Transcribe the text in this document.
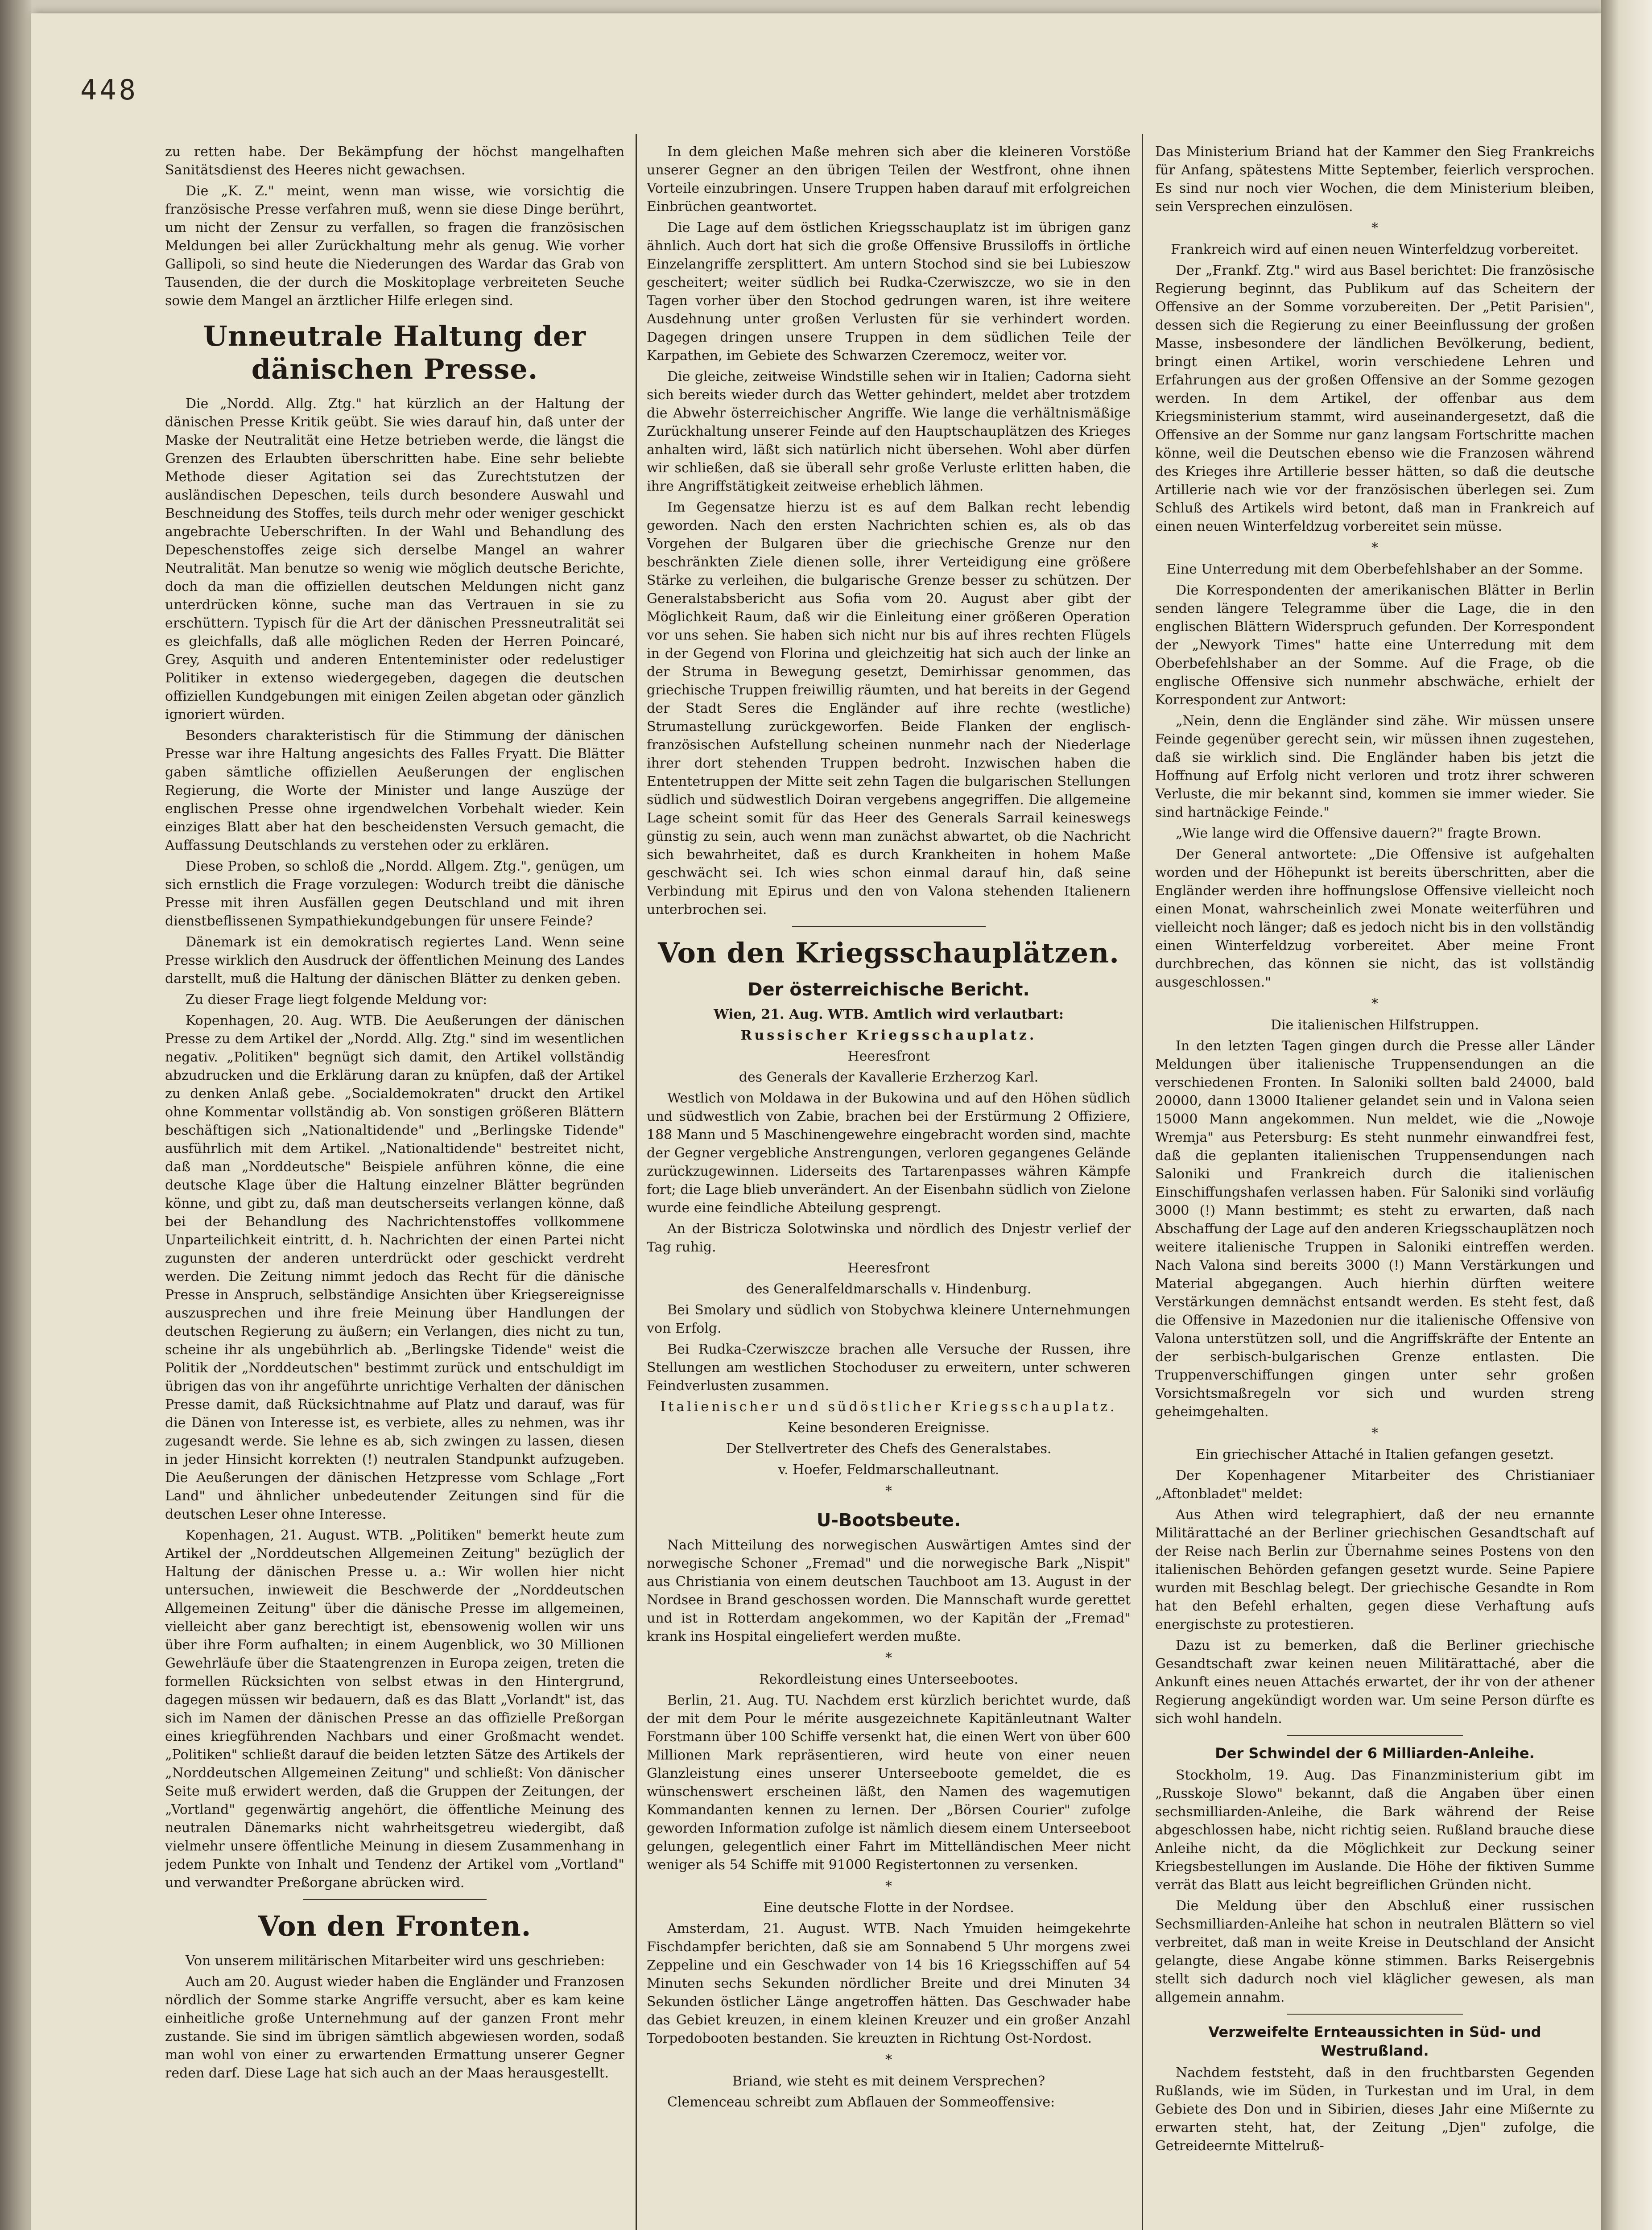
448

zu retten habe. Der Bekämpfung der höchst mangelhaften Sanitätsdienst des Heeres nicht gewachsen.

Die „K. Z." meint, wenn man wisse, wie vorsichtig die französische Presse verfahren muß, wenn sie diese Dinge berührt, um nicht der Zensur zu verfallen, so fragen die französischen Meldungen bei aller Zurückhaltung mehr als genug. Wie vorher Gallipoli, so sind heute die Niederungen des Wardar das Grab von Tausenden, die der durch die Moskitoplage verbreiteten Seuche sowie dem Mangel an ärztlicher Hilfe erlegen sind.

Unneutrale Haltung der dänischen Presse.

Die „Nordd. Allg. Ztg." hat kürzlich an der Haltung der dänischen Presse Kritik geübt. Sie wies darauf hin, daß unter der Maske der Neutralität eine Hetze betrieben werde, die längst die Grenzen des Erlaubten überschritten habe. Eine sehr beliebte Methode dieser Agitation sei das Zurechtstutzen der ausländischen Depeschen, teils durch besondere Auswahl und Beschneidung des Stoffes, teils durch mehr oder weniger geschickt angebrachte Ueberschriften. In der Wahl und Behandlung des Depeschenstoffes zeige sich derselbe Mangel an wahrer Neutralität. Man benutze so wenig wie möglich deutsche Berichte, doch da man die offiziellen deutschen Meldungen nicht ganz unterdrücken könne, suche man das Vertrauen in sie zu erschüttern. Typisch für die Art der dänischen Pressneutralität sei es gleichfalls, daß alle möglichen Reden der Herren Poincaré, Grey, Asquith und anderen Ententeminister oder redelustiger Politiker in extenso wiedergegeben, dagegen die deutschen offiziellen Kundgebungen mit einigen Zeilen abgetan oder gänzlich ignoriert würden.

Besonders charakteristisch für die Stimmung der dänischen Presse war ihre Haltung angesichts des Falles Fryatt. Die Blätter gaben sämtliche offiziellen Aeußerungen der englischen Regierung, die Worte der Minister und lange Auszüge der englischen Presse ohne irgendwelchen Vorbehalt wieder. Kein einziges Blatt aber hat den bescheidensten Versuch gemacht, die Auffassung Deutschlands zu verstehen oder zu erklären.

Diese Proben, so schloß die „Nordd. Allgem. Ztg.", genügen, um sich ernstlich die Frage vorzulegen: Wodurch treibt die dänische Presse mit ihren Ausfällen gegen Deutschland und mit ihren dienstbeflissenen Sympathiekundgebungen für unsere Feinde?

Dänemark ist ein demokratisch regiertes Land. Wenn seine Presse wirklich den Ausdruck der öffentlichen Meinung des Landes darstellt, muß die Haltung der dänischen Blätter zu denken geben.

Zu dieser Frage liegt folgende Meldung vor:

Kopenhagen, 20. Aug. WTB. Die Aeußerungen der dänischen Presse zu dem Artikel der „Nordd. Allg. Ztg." sind im wesentlichen negativ. „Politiken" begnügt sich damit, den Artikel vollständig abzudrucken und die Erklärung daran zu knüpfen, daß der Artikel zu denken Anlaß gebe. „Socialdemokraten" druckt den Artikel ohne Kommentar vollständig ab. Von sonstigen größeren Blättern beschäftigen sich „Nationaltidende" und „Berlingske Tidende" ausführlich mit dem Artikel. „Nationaltidende" bestreitet nicht, daß man „Norddeutsche" Beispiele anführen könne, die eine deutsche Klage über die Haltung einzelner Blätter begründen könne, und gibt zu, daß man deutscherseits verlangen könne, daß bei der Behandlung des Nachrichtenstoffes vollkommene Unparteilichkeit eintritt, d. h. Nachrichten der einen Partei nicht zugunsten der anderen unterdrückt oder geschickt verdreht werden. Die Zeitung nimmt jedoch das Recht für die dänische Presse in Anspruch, selbständige Ansichten über Kriegsereignisse auszusprechen und ihre freie Meinung über Handlungen der deutschen Regierung zu äußern; ein Verlangen, dies nicht zu tun, scheine ihr als ungebührlich ab. „Berlingske Tidende" weist die Politik der „Norddeutschen" bestimmt zurück und entschuldigt im übrigen das von ihr angeführte unrichtige Verhalten der dänischen Presse damit, daß Rücksichtnahme auf Platz und darauf, was für die Dänen von Interesse ist, es verbiete, alles zu nehmen, was ihr zugesandt werde. Sie lehne es ab, sich zwingen zu lassen, diesen in jeder Hinsicht korrekten (!) neutralen Standpunkt aufzugeben. Die Aeußerungen der dänischen Hetzpresse vom Schlage „Fort Land" und ähnlicher unbedeutender Zeitungen sind für die deutschen Leser ohne Interesse.

Kopenhagen, 21. August. WTB. „Politiken" bemerkt heute zum Artikel der „Norddeutschen Allgemeinen Zeitung" bezüglich der Haltung der dänischen Presse u. a.: Wir wollen hier nicht untersuchen, inwieweit die Beschwerde der „Norddeutschen Allgemeinen Zeitung" über die dänische Presse im allgemeinen, vielleicht aber ganz berechtigt ist, ebensowenig wollen wir uns über ihre Form aufhalten; in einem Augenblick, wo 30 Millionen Gewehrläufe über die Staatengrenzen in Europa zeigen, treten die formellen Rücksichten von selbst etwas in den Hintergrund, dagegen müssen wir bedauern, daß es das Blatt „Vorlandt" ist, das sich im Namen der dänischen Presse an das offizielle Preßorgan eines kriegführenden Nachbars und einer Großmacht wendet. „Politiken" schließt darauf die beiden letzten Sätze des Artikels der „Norddeutschen Allgemeinen Zeitung" und schließt: Von dänischer Seite muß erwidert werden, daß die Gruppen der Zeitungen, der „Vortland" gegenwärtig angehört, die öffentliche Meinung des neutralen Dänemarks nicht wahrheitsgetreu wiedergibt, daß vielmehr unsere öffentliche Meinung in diesem Zusammenhang in jedem Punkte von Inhalt und Tendenz der Artikel vom „Vortland" und verwandter Preßorgane abrücken wird.

Von den Fronten.

Von unserem militärischen Mitarbeiter wird uns geschrieben:

Auch am 20. August wieder haben die Engländer und Franzosen nördlich der Somme starke Angriffe versucht, aber es kam keine einheitliche große Unternehmung auf der ganzen Front mehr zustande. Sie sind im übrigen sämtlich abgewiesen worden, sodaß man wohl von einer zu erwartenden Ermattung unserer Gegner reden darf. Diese Lage hat sich auch an der Maas herausgestellt.

In dem gleichen Maße mehren sich aber die kleineren Vorstöße unserer Gegner an den übrigen Teilen der Westfront, ohne ihnen Vorteile einzubringen. Unsere Truppen haben darauf mit erfolgreichen Einbrüchen geantwortet.

Die Lage auf dem östlichen Kriegsschauplatz ist im übrigen ganz ähnlich. Auch dort hat sich die große Offensive Brussiloffs in örtliche Einzelangriffe zersplittert. Am untern Stochod sind sie bei Lubieszow gescheitert; weiter südlich bei Rudka-Czerwiszcze, wo sie in den Tagen vorher über den Stochod gedrungen waren, ist ihre weitere Ausdehnung unter großen Verlusten für sie verhindert worden. Dagegen dringen unsere Truppen in dem südlichen Teile der Karpathen, im Gebiete des Schwarzen Czeremocz, weiter vor.

Die gleiche, zeitweise Windstille sehen wir in Italien; Cadorna sieht sich bereits wieder durch das Wetter gehindert, meldet aber trotzdem die Abwehr österreichischer Angriffe. Wie lange die verhältnismäßige Zurückhaltung unserer Feinde auf den Hauptschauplätzen des Krieges anhalten wird, läßt sich natürlich nicht übersehen. Wohl aber dürfen wir schließen, daß sie überall sehr große Verluste erlitten haben, die ihre Angriffstätigkeit zeitweise erheblich lähmen.

Im Gegensatze hierzu ist es auf dem Balkan recht lebendig geworden. Nach den ersten Nachrichten schien es, als ob das Vorgehen der Bulgaren über die griechische Grenze nur den beschränkten Ziele dienen solle, ihrer Verteidigung eine größere Stärke zu verleihen, die bulgarische Grenze besser zu schützen. Der Generalstabsbericht aus Sofia vom 20. August aber gibt der Möglichkeit Raum, daß wir die Einleitung einer größeren Operation vor uns sehen. Sie haben sich nicht nur bis auf ihres rechten Flügels in der Gegend von Florina und gleichzeitig hat sich auch der linke an der Struma in Bewegung gesetzt, Demirhissar genommen, das griechische Truppen freiwillig räumten, und hat bereits in der Gegend der Stadt Seres die Engländer auf ihre rechte (westliche) Strumastellung zurückgeworfen. Beide Flanken der englisch-französischen Aufstellung scheinen nunmehr nach der Niederlage ihrer dort stehenden Truppen bedroht. Inzwischen haben die Ententetruppen der Mitte seit zehn Tagen die bulgarischen Stellungen südlich und südwestlich Doiran vergebens angegriffen. Die allgemeine Lage scheint somit für das Heer des Generals Sarrail keineswegs günstig zu sein, auch wenn man zunächst abwartet, ob die Nachricht sich bewahrheitet, daß es durch Krankheiten in hohem Maße geschwächt sei. Ich wies schon einmal darauf hin, daß seine Verbindung mit Epirus und den von Valona stehenden Italienern unterbrochen sei.

Von den Kriegsschauplätzen.
Der österreichische Bericht.

Wien, 21. Aug. WTB. Amtlich wird verlautbart:

Russischer Kriegsschauplatz.

Heeresfront

des Generals der Kavallerie Erzherzog Karl.

Westlich von Moldawa in der Bukowina und auf den Höhen südlich und südwestlich von Zabie, brachen bei der Erstürmung 2 Offiziere, 188 Mann und 5 Maschinengewehre eingebracht worden sind, machte der Gegner vergebliche Anstrengungen, verloren gegangenes Gelände zurückzugewinnen. Liderseits des Tartarenpasses währen Kämpfe fort; die Lage blieb unverändert. An der Eisenbahn südlich von Zielone wurde eine feindliche Abteilung gesprengt.

An der Bistricza Solotwinska und nördlich des Dnjestr verlief der Tag ruhig.

Heeresfront

des Generalfeldmarschalls v. Hindenburg.

Bei Smolary und südlich von Stobychwa kleinere Unternehmungen von Erfolg.

Bei Rudka-Czerwiszcze brachen alle Versuche der Russen, ihre Stellungen am westlichen Stochoduser zu erweitern, unter schweren Feindverlusten zusammen.

Italienischer und südöstlicher Kriegsschauplatz.

Keine besonderen Ereignisse.

Der Stellvertreter des Chefs des Generalstabes.

v. Hoefer, Feldmarschalleutnant.

*
U-Bootsbeute.

Nach Mitteilung des norwegischen Auswärtigen Amtes sind der norwegische Schoner „Fremad" und die norwegische Bark „Nispit" aus Christiania von einem deutschen Tauchboot am 13. August in der Nordsee in Brand geschossen worden. Die Mannschaft wurde gerettet und ist in Rotterdam angekommen, wo der Kapitän der „Fremad" krank ins Hospital eingeliefert werden mußte.

*

Rekordleistung eines Unterseebootes.

Berlin, 21. Aug. TU. Nachdem erst kürzlich berichtet wurde, daß der mit dem Pour le mérite ausgezeichnete Kapitänleutnant Walter Forstmann über 100 Schiffe versenkt hat, die einen Wert von über 600 Millionen Mark repräsentieren, wird heute von einer neuen Glanzleistung eines unserer Unterseeboote gemeldet, die es wünschenswert erscheinen läßt, den Namen des wagemutigen Kommandanten kennen zu lernen. Der „Börsen Courier" zufolge geworden Information zufolge ist nämlich diesem einem Unterseeboot gelungen, gelegentlich einer Fahrt im Mittelländischen Meer nicht weniger als 54 Schiffe mit 91000 Registertonnen zu versenken.

*

Eine deutsche Flotte in der Nordsee.

Amsterdam, 21. August. WTB. Nach Ymuiden heimgekehrte Fischdampfer berichten, daß sie am Sonnabend 5 Uhr morgens zwei Zeppeline und ein Geschwader von 14 bis 16 Kriegsschiffen auf 54 Minuten sechs Sekunden nördlicher Breite und drei Minuten 34 Sekunden östlicher Länge angetroffen hätten. Das Geschwader habe das Gebiet kreuzen, in einem kleinen Kreuzer und ein großer Anzahl Torpedobooten bestanden. Sie kreuzten in Richtung Ost-Nordost.

*

Briand, wie steht es mit deinem Versprechen?

Clemenceau schreibt zum Abflauen der Sommeoffensive:

Das Ministerium Briand hat der Kammer den Sieg Frankreichs für Anfang, spätestens Mitte September, feierlich versprochen. Es sind nur noch vier Wochen, die dem Ministerium bleiben, sein Versprechen einzulösen.

*

Frankreich wird auf einen neuen Winterfeldzug vorbereitet.

Der „Frankf. Ztg." wird aus Basel berichtet: Die französische Regierung beginnt, das Publikum auf das Scheitern der Offensive an der Somme vorzubereiten. Der „Petit Parisien", dessen sich die Regierung zu einer Beeinflussung der großen Masse, insbesondere der ländlichen Bevölkerung, bedient, bringt einen Artikel, worin verschiedene Lehren und Erfahrungen aus der großen Offensive an der Somme gezogen werden. In dem Artikel, der offenbar aus dem Kriegsministerium stammt, wird auseinandergesetzt, daß die Offensive an der Somme nur ganz langsam Fortschritte machen könne, weil die Deutschen ebenso wie die Franzosen während des Krieges ihre Artillerie besser hätten, so daß die deutsche Artillerie nach wie vor der französischen überlegen sei. Zum Schluß des Artikels wird betont, daß man in Frankreich auf einen neuen Winterfeldzug vorbereitet sein müsse.

*

Eine Unterredung mit dem Oberbefehlshaber an der Somme.

Die Korrespondenten der amerikanischen Blätter in Berlin senden längere Telegramme über die Lage, die in den englischen Blättern Widerspruch gefunden. Der Korrespondent der „Newyork Times" hatte eine Unterredung mit dem Oberbefehlshaber an der Somme. Auf die Frage, ob die englische Offensive sich nunmehr abschwäche, erhielt der Korrespondent zur Antwort:

„Nein, denn die Engländer sind zähe. Wir müssen unsere Feinde gegenüber gerecht sein, wir müssen ihnen zugestehen, daß sie wirklich sind. Die Engländer haben bis jetzt die Hoffnung auf Erfolg nicht verloren und trotz ihrer schweren Verluste, die mir bekannt sind, kommen sie immer wieder. Sie sind hartnäckige Feinde."

„Wie lange wird die Offensive dauern?" fragte Brown.

Der General antwortete: „Die Offensive ist aufgehalten worden und der Höhepunkt ist bereits überschritten, aber die Engländer werden ihre hoffnungslose Offensive vielleicht noch einen Monat, wahrscheinlich zwei Monate weiterführen und vielleicht noch länger; daß es jedoch nicht bis in den vollständig einen Winterfeldzug vorbereitet. Aber meine Front durchbrechen, das können sie nicht, das ist vollständig ausgeschlossen."

*

Die italienischen Hilfstruppen.

In den letzten Tagen gingen durch die Presse aller Länder Meldungen über italienische Truppensendungen an die verschiedenen Fronten. In Saloniki sollten bald 24000, bald 20000, dann 13000 Italiener gelandet sein und in Valona seien 15000 Mann angekommen. Nun meldet, wie die „Nowoje Wremja" aus Petersburg: Es steht nunmehr einwandfrei fest, daß die geplanten italienischen Truppensendungen nach Saloniki und Frankreich durch die italienischen Einschiffungshafen verlassen haben. Für Saloniki sind vorläufig 3000 (!) Mann bestimmt; es steht zu erwarten, daß nach Abschaffung der Lage auf den anderen Kriegsschauplätzen noch weitere italienische Truppen in Saloniki eintreffen werden. Nach Valona sind bereits 3000 (!) Mann Verstärkungen und Material abgegangen. Auch hierhin dürften weitere Verstärkungen demnächst entsandt werden. Es steht fest, daß die Offensive in Mazedonien nur die italienische Offensive von Valona unterstützen soll, und die Angriffskräfte der Entente an der serbisch-bulgarischen Grenze entlasten. Die Truppenverschiffungen gingen unter sehr großen Vorsichtsmaßregeln vor sich und wurden streng geheimgehalten.

*

Ein griechischer Attaché in Italien gefangen gesetzt.

Der Kopenhagener Mitarbeiter des Christianiaer „Aftonbladet" meldet:

Aus Athen wird telegraphiert, daß der neu ernannte Militärattaché an der Berliner griechischen Gesandtschaft auf der Reise nach Berlin zur Übernahme seines Postens von den italienischen Behörden gefangen gesetzt wurde. Seine Papiere wurden mit Beschlag belegt. Der griechische Gesandte in Rom hat den Befehl erhalten, gegen diese Verhaftung aufs energischste zu protestieren.

Dazu ist zu bemerken, daß die Berliner griechische Gesandtschaft zwar keinen neuen Militärattaché, aber die Ankunft eines neuen Attachés erwartet, der ihr von der athener Regierung angekündigt worden war. Um seine Person dürfte es sich wohl handeln.

Der Schwindel der 6 Milliarden-Anleihe.

Stockholm, 19. Aug. Das Finanzministerium gibt im „Russkoje Slowo" bekannt, daß die Angaben über einen sechsmilliarden-Anleihe, die Bark während der Reise abgeschlossen habe, nicht richtig seien. Rußland brauche diese Anleihe nicht, da die Möglichkeit zur Deckung seiner Kriegsbestellungen im Auslande. Die Höhe der fiktiven Summe verrät das Blatt aus leicht begreiflichen Gründen nicht.

Die Meldung über den Abschluß einer russischen Sechsmilliarden-Anleihe hat schon in neutralen Blättern so viel verbreitet, daß man in weite Kreise in Deutschland der Ansicht gelangte, diese Angabe könne stimmen. Barks Reisergebnis stellt sich dadurch noch viel kläglicher gewesen, als man allgemein annahm.

Verzweifelte Ernteaussichten in Süd- und Westrußland.

Nachdem feststeht, daß in den fruchtbarsten Gegenden Rußlands, wie im Süden, in Turkestan und im Ural, in dem Gebiete des Don und in Sibirien, dieses Jahr eine Mißernte zu erwarten steht, hat, der Zeitung „Djen" zufolge, die Getreideernte Mittelruß-
